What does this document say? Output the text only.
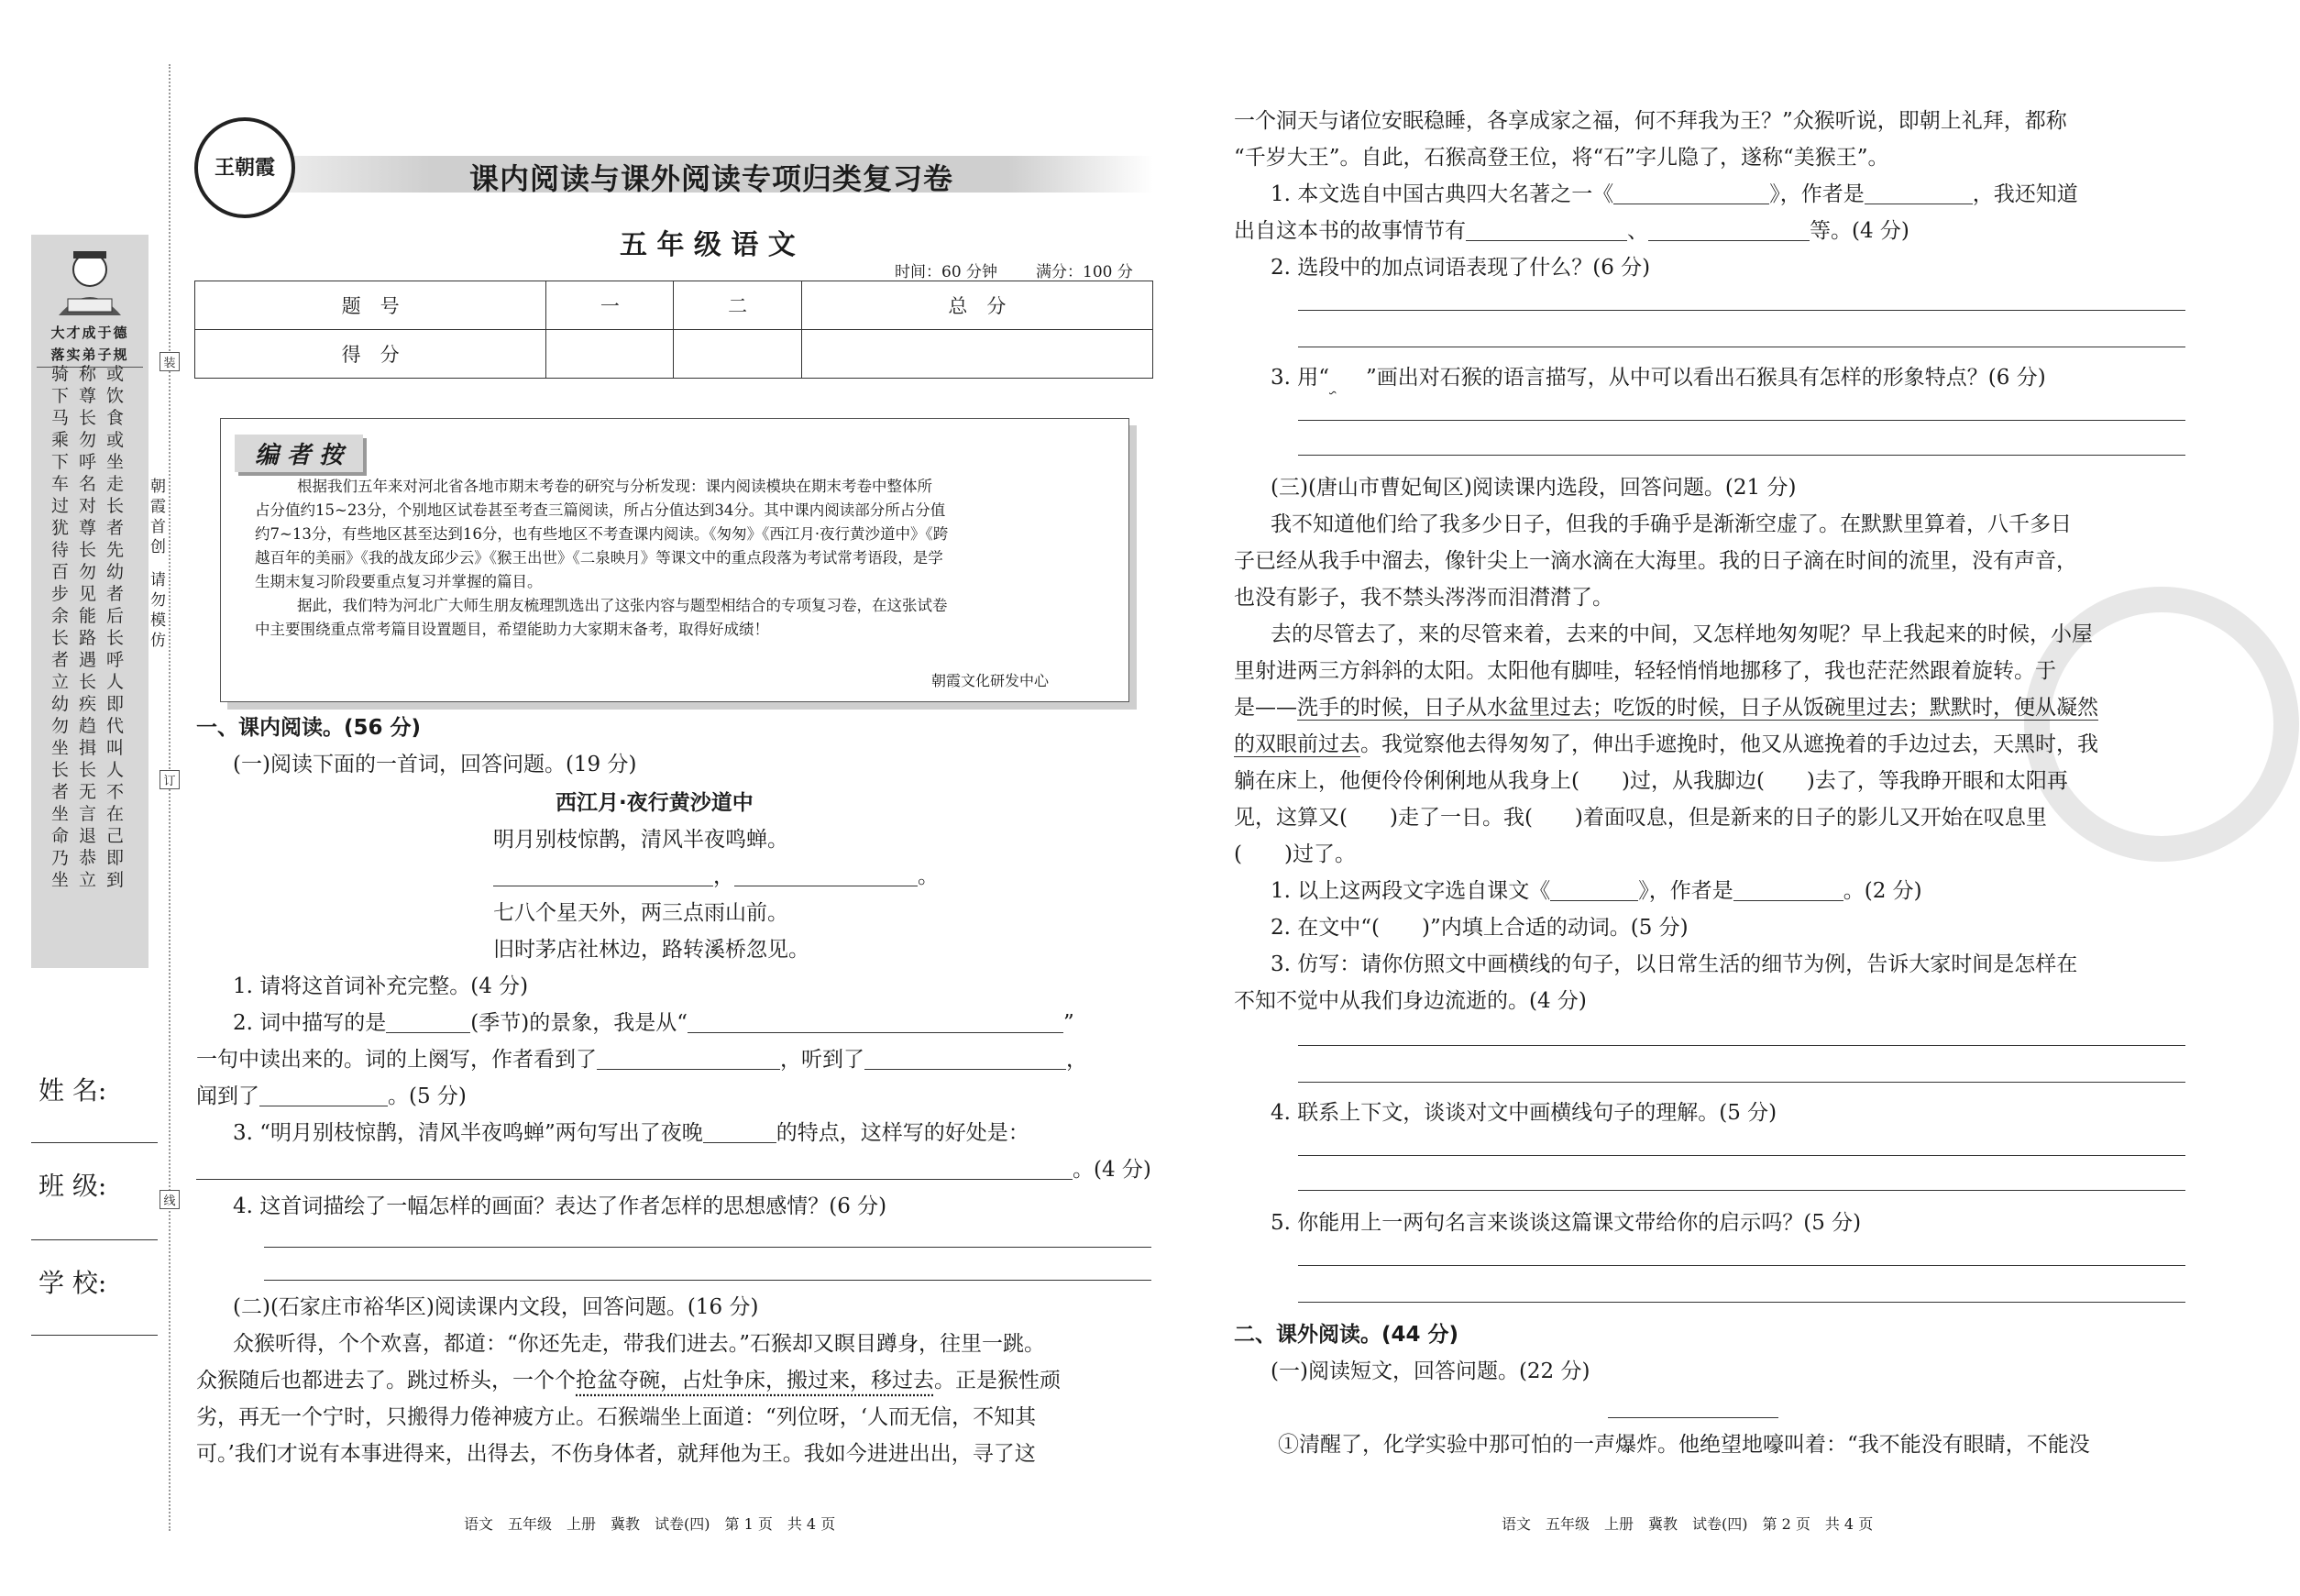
大才成于德
落实弟子规
骑下马乘下车过犹待百步余长者立幼勿坐长者坐命乃坐
称尊长勿呼名对尊长勿见能路遇长疾趋揖长无言退恭立
或饮食或坐走长者先幼者后长呼人即代叫人不在己即到
姓 名:
班 级:
学 校:
朝霞首创
请勿模仿
装
订
线
王朝霞	课内阅读与课外阅读专项归类复习卷
五 年 级 语 文
时间：60 分钟 满分：100 分
题　号	一	二	总　分
得　分			
编 者 按
根据我们五年来对河北省各地市期末考卷的研究与分析发现：课内阅读模块在期末考卷中整体所
占分值约15~23分，个别地区试卷甚至考查三篇阅读，所占分值达到34分。其中课内阅读部分所占分值
约7~13分，有些地区甚至达到16分，也有些地区不考查课内阅读。《匆匆》《西江月·夜行黄沙道中》《跨
越百年的美丽》《我的战友邱少云》《猴王出世》《二泉映月》等课文中的重点段落为考试常考语段，是学
生期末复习阶段要重点复习并掌握的篇目。
据此，我们特为河北广大师生朋友梳理凯选出了这张内容与题型相结合的专项复习卷，在这张试卷
中主要围绕重点常考篇目设置题目，希望能助力大家期末备考，取得好成绩！
朝霞文化研发中心
一、课内阅读。(56 分)
(一)阅读下面的一首词，回答问题。(19 分)
西江月·夜行黄沙道中
明月别枝惊鹊，清风半夜鸣蝉。
，	。
七八个星天外，两三点雨山前。
旧时茅店社林边，路转溪桥忽见。
1. 请将这首词补充完整。(4 分)
2. 词中描写的是	(季节)的景象，我是从“	”
一句中读出来的。词的上阕写，作者看到了	，听到了	，
闻到了	。(5 分)
3. “明月别枝惊鹊，清风半夜鸣蝉”两句写出了夜晚	的特点，这样写的好处是：
。(4 分)
4. 这首词描绘了一幅怎样的画面？表达了作者怎样的思想感情？(6 分)
(二)(石家庄市裕华区)阅读课内文段，回答问题。(16 分)
众猴听得，个个欢喜，都道：“你还先走，带我们进去。”石猴却又瞑目蹲身，往里一跳。
众猴随后也都进去了。跳过桥头，一个个抢盆夺碗，占灶争床，搬过来，移过去。正是猴性顽
劣，再无一个宁时，只搬得力倦神疲方止。石猴端坐上面道：“列位呀，‘人而无信，不知其
可。’我们才说有本事进得来，出得去，不伤身体者，就拜他为王。我如今进进出出，寻了这
语文　五年级　上册　冀教　试卷(四)　第 1 页　共 4 页
一个洞天与诸位安眠稳睡，各享成家之福，何不拜我为王？”众猴听说，即朝上礼拜，都称
“千岁大王”。自此，石猴高登王位，将“石”字儿隐了，遂称“美猴王”。
1. 本文选自中国古典四大名著之一《	》，作者是	，我还知道
出自这本书的故事情节有	、	等。(4 分)
2. 选段中的加点词语表现了什么？(6 分)
3. 用“ ”画出对石猴的语言描写，从中可以看出石猴具有怎样的形象特点？(6 分)
(三)(唐山市曹妃甸区)阅读课内选段，回答问题。(21 分)
我不知道他们给了我多少日子，但我的手确乎是渐渐空虚了。在默默里算着，八千多日
子已经从我手中溜去，像针尖上一滴水滴在大海里。我的日子滴在时间的流里，没有声音，
也没有影子，我不禁头涔涔而泪潸潸了。
去的尽管去了，来的尽管来着，去来的中间，又怎样地匆匆呢？早上我起来的时候，小屋
里射进两三方斜斜的太阳。太阳他有脚哇，轻轻悄悄地挪移了，我也茫茫然跟着旋转。于
是——洗手的时候，日子从水盆里过去；吃饭的时候，日子从饭碗里过去；默默时，便从凝然
的双眼前过去。我觉察他去得匆匆了，伸出手遮挽时，他又从遮挽着的手边过去，天黑时，我
躺在床上，他便伶伶俐俐地从我身上(　　)过，从我脚边(　　)去了，等我睁开眼和太阳再
见，这算又(　　)走了一日。我(　　)着面叹息，但是新来的日子的影儿又开始在叹息里
(　　)过了。
1. 以上这两段文字选自课文《	》，作者是	。(2 分)
2. 在文中“(　　)”内填上合适的动词。(5 分)
3. 仿写：请你仿照文中画横线的句子，以日常生活的细节为例，告诉大家时间是怎样在
不知不觉中从我们身边流逝的。(4 分)
4. 联系上下文，谈谈对文中画横线句子的理解。(5 分)
5. 你能用上一两句名言来谈谈这篇课文带给你的启示吗？(5 分)
二、课外阅读。(44 分)
(一)阅读短文，回答问题。(22 分)
①清醒了，化学实验中那可怕的一声爆炸。他绝望地嚎叫着：“我不能没有眼睛，不能没
语文　五年级　上册　冀教　试卷(四)　第 2 页　共 4 页
